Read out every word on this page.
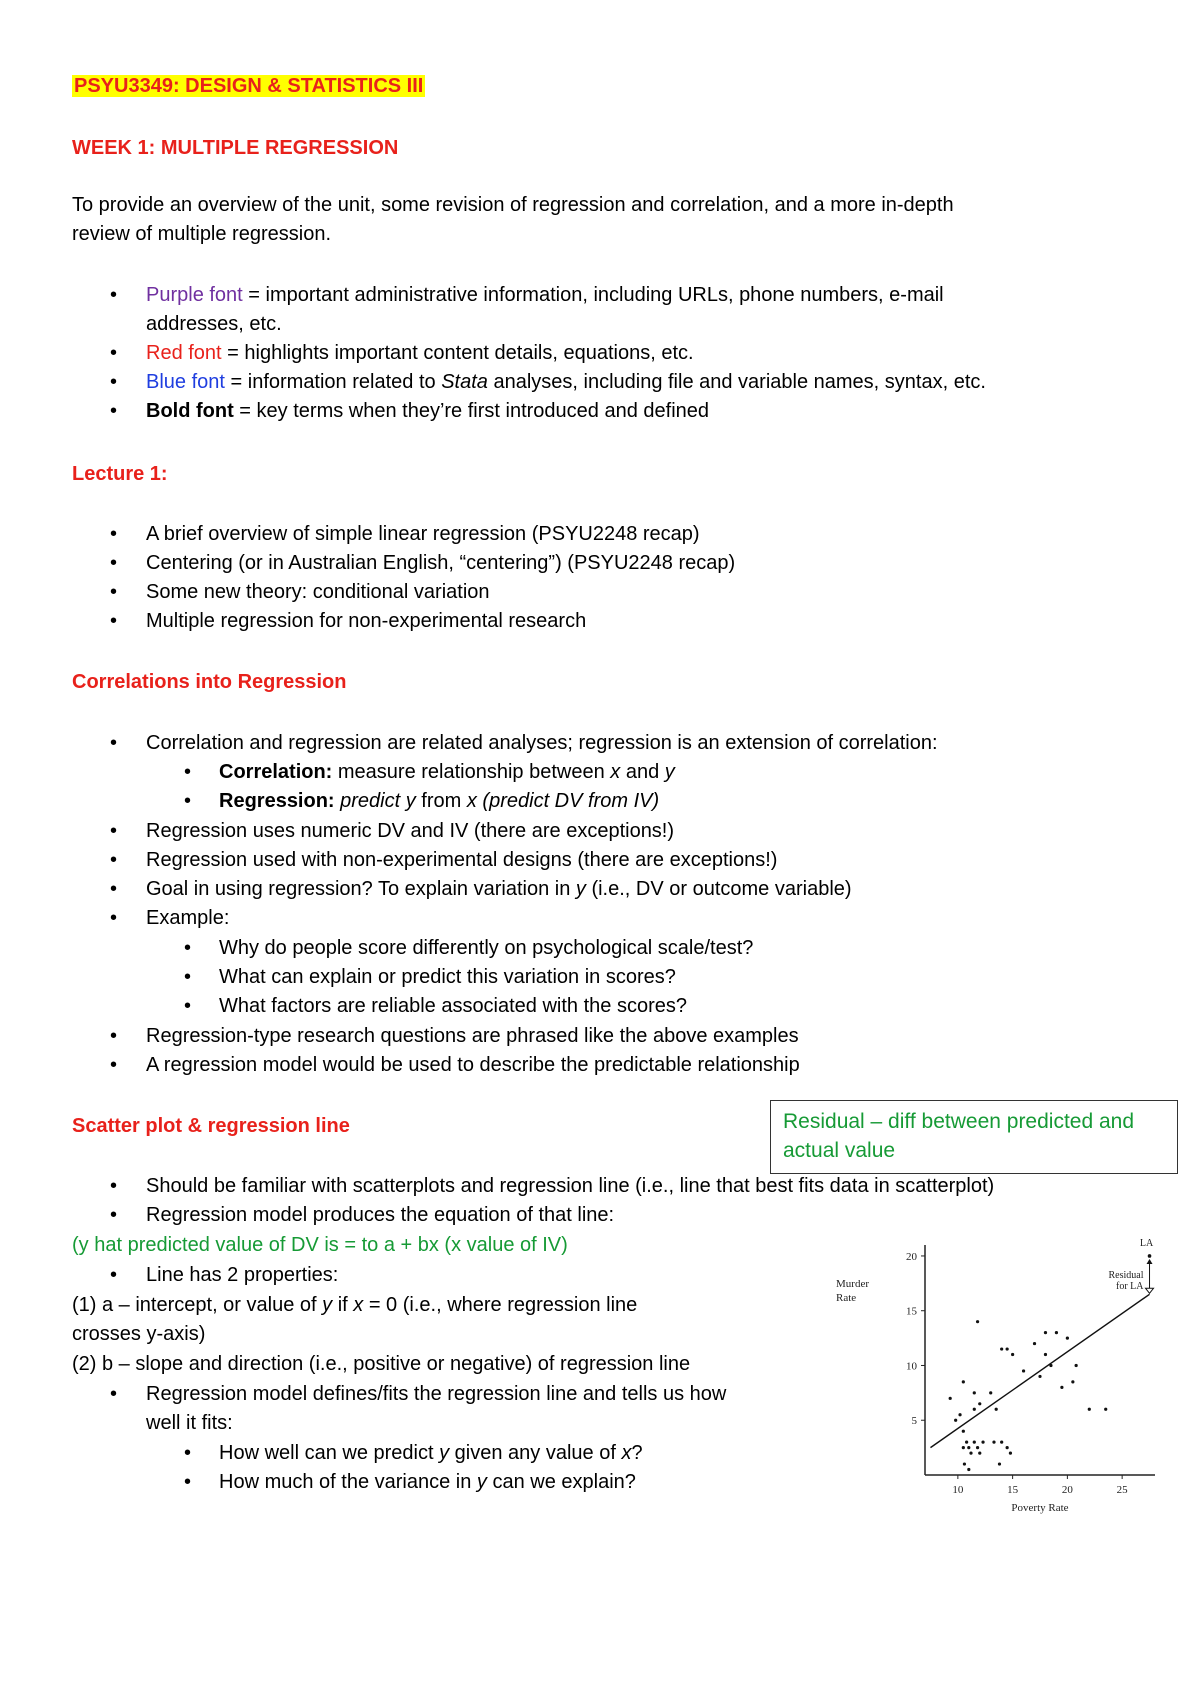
PSYU3349: DESIGN & STATISTICS III
WEEK 1: MULTIPLE REGRESSION
To provide an overview of the unit, some revision of regression and correlation, and a more in-depth
review of multiple regression.
• Purple font = important administrative information, including URLs, phone numbers, e-mail
addresses, etc.
• Red font = highlights important content details, equations, etc.
• Blue font = information related to Stata analyses, including file and variable names, syntax, etc.
• Bold font = key terms when they’re first introduced and defined
Lecture 1:
• A brief overview of simple linear regression (PSYU2248 recap)
• Centering (or in Australian English, “centering”) (PSYU2248 recap)
• Some new theory: conditional variation
• Multiple regression for non-experimental research
Correlations into Regression
• Correlation and regression are related analyses; regression is an extension of correlation:
• Correlation: measure relationship between x and y
• Regression: predict y from x (predict DV from IV)
• Regression uses numeric DV and IV (there are exceptions!)
• Regression used with non-experimental designs (there are exceptions!)
• Goal in using regression? To explain variation in y (i.e., DV or outcome variable)
• Example:
• Why do people score differently on psychological scale/test?
• What can explain or predict this variation in scores?
• What factors are reliable associated with the scores?
• Regression-type research questions are phrased like the above examples
• A regression model would be used to describe the predictable relationship
Scatter plot & regression line	Residual – diff between predicted and actual value
• Should be familiar with scatterplots and regression line (i.e., line that best fits data in scatterplot)
• Regression model produces the equation of that line:
(y hat predicted value of DV is = to a + bx (x value of IV)
• Line has 2 properties:
(1) a – intercept, or value of y if x = 0 (i.e., where regression line
crosses y-axis)
(2) b – slope and direction (i.e., positive or negative) of regression line
• Regression model defines/fits the regression line and tells us how
well it fits:
• How well can we predict y given any value of x?
• How much of the variance in y can we explain?
5
10
15
20
10	15	20	25
Poverty Rate
Murder
Rate
LA
Residual
for LA
